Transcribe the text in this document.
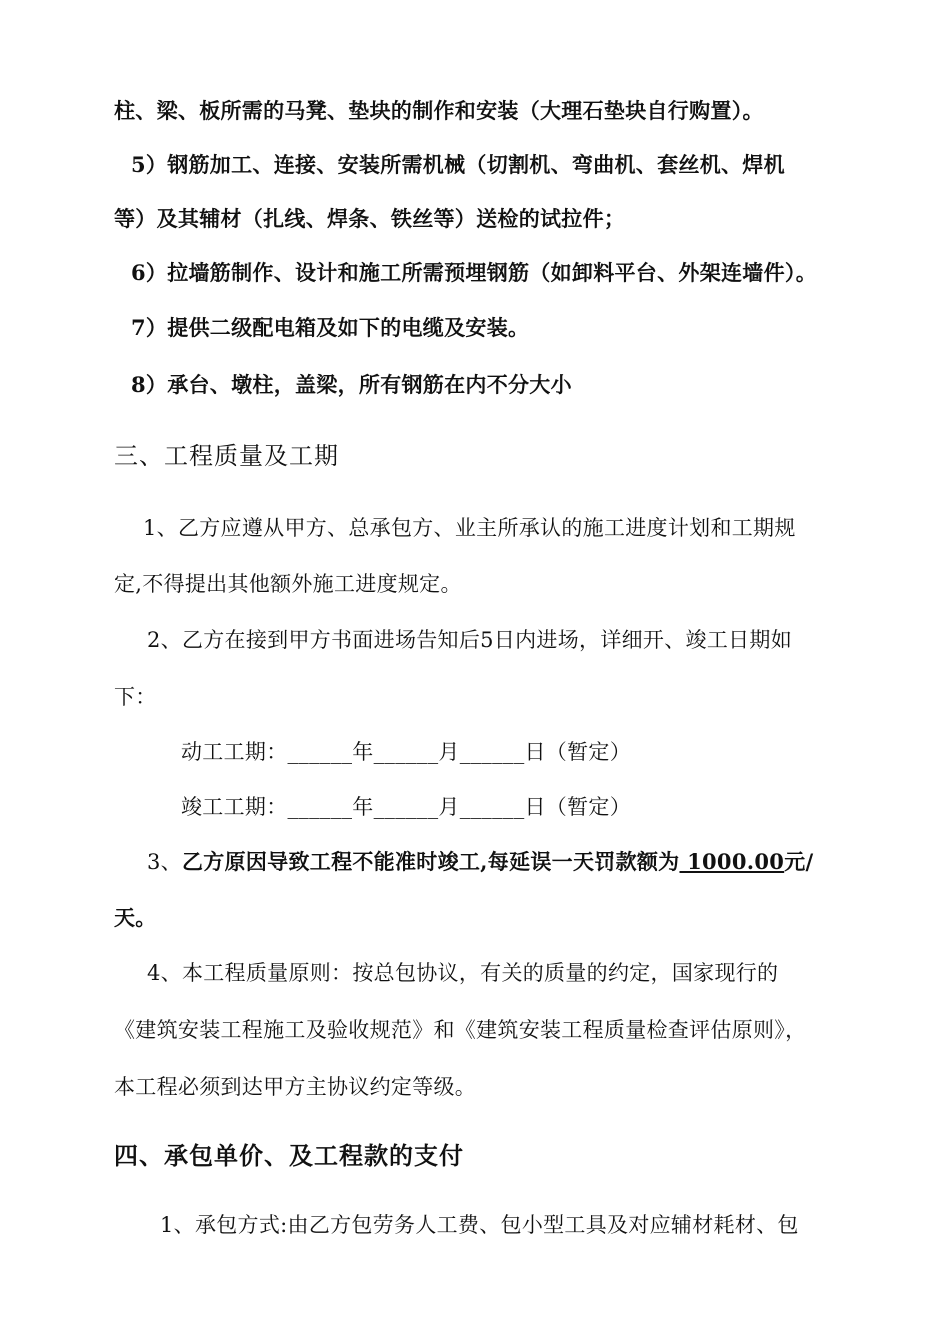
柱、梁、板所需的马凳、垫块的制作和安装（大理石垫块自行购置）。
5）钢筋加工、连接、安装所需机械（切割机、弯曲机、套丝机、焊机
等）及其辅材（扎线、焊条、铁丝等）送检的试拉件；
6）拉墙筋制作、设计和施工所需预埋钢筋（如卸料平台、外架连墙件）。
7）提供二级配电箱及如下的电缆及安装。
8）承台、墩柱，盖梁，所有钢筋在内不分大小
三、工程质量及工期
1、乙方应遵从甲方、总承包方、业主所承认的施工进度计划和工期规
定,不得提出其他额外施工进度规定。
2、乙方在接到甲方书面进场告知后5日内进场，详细开、竣工日期如
下：
动工工期：______年______月______日（暂定）
竣工工期：______年______月______日（暂定）
3、乙方原因导致工程不能准时竣工,每延误一天罚款额为 1000.00元/
天。
4、本工程质量原则：按总包协议，有关的质量的约定，国家现行的
《建筑安装工程施工及验收规范》和《建筑安装工程质量检查评估原则》，
本工程必须到达甲方主协议约定等级。
四、承包单价、及工程款的支付
1、承包方式:由乙方包劳务人工费、包小型工具及对应辅材耗材、包
